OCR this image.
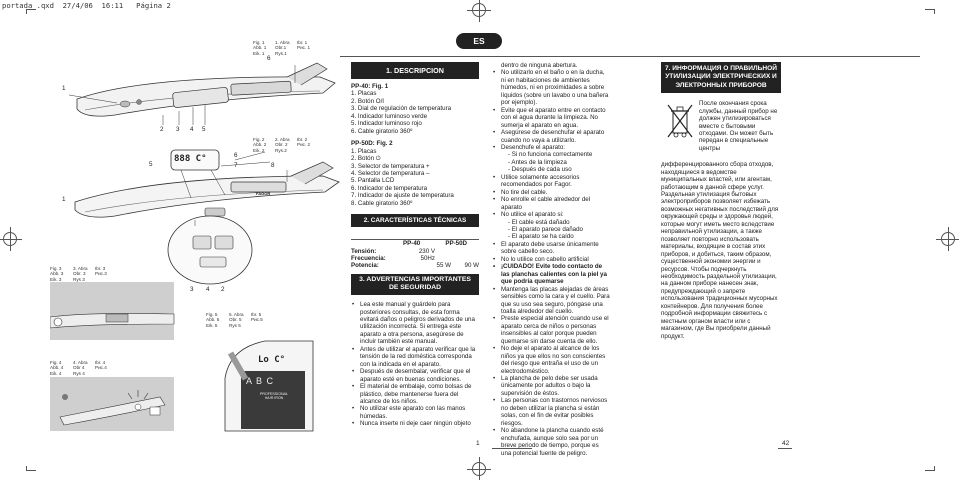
portada .qxd 27/4/06 16:11 Página 2
Fig. 1
Abb. 1
Eik. 1
1. Abra
Obr.1
Rys.1
Ibr. 1
Pиc. 1
1
6
2 3 4 5
Fig. 2
Abb. 2
Eik. 2
2. Abra
Obr. 2
Rys.2
Ibr. 2
Pиc. 2
888 C°
FAGOR
1
5
6
7	8
3 4 2
Fig. 3
Abb. 3
Eik. 3
3. Abra
Obr. 3
Rys 3
Ibr. 3
Pиc.3
Fig. 4
Abb. 4
Eik. 4
4. Abra
Obr 4
Rys 4
Ibr. 4
Pиc.4
Fig. 5
Abb. 5
Eik. 5
5. Abra
Obr. 5
Rys 5
Ibr. 5
Pиc.5
Lo C°
A B C
PROFESSIONAL
HAIR IRON
ES
1. DESCRIPCION
PP-40: Fig. 1
1. Placas
2. Botón O/I
3. Dial de regulación de temperatura
4. Indicador luminoso verde
5. Indicador luminoso rojo
6. Cable giratorio 360º
PP-50D: Fig. 2
1. Placas
2. Botón ⏻
3. Selector de temperatura +
4. Selector de temperatura –
5. Pantalla LCD
6. Indicador de temperatura
7. Indicador de ajuste de temperatura
8. Cable giratorio 360º
2. CARACTERÍSTICAS TÉCNICAS
PP-40	PP-50D
Tensión:	230 V
Frecuencia:	50Hz
Potencia:	55 W	90 W
3. ADVERTENCIAS IMPORTANTES DE SEGURIDAD
• Lea este manual y guárdelo para posteriores consultas, de esta forma evitará daños o peligros derivados de una utilización incorrecta. Si entrega este aparato a otra persona, asegúrese de incluir también este manual.
• Antes de utilizar el aparato verificar que la tensión de la red doméstica corresponda con la indicada en el aparato.
• Después de desembalar, verificar que el aparato esté en buenas condiciones.
• El material de embalaje, como bolsas de plástico, debe mantenerse fuera del alcance de los niños.
• No utilizar este aparato con las manos húmedas.
• Nunca inserte ni deje caer ningún objeto
dentro de ninguna abertura.
• No utilizarlo en el baño o en la ducha, ni en habitaciones de ambientes húmedos, ni en proximidades a sobre líquidos (sobre un lavabo o una bañera por ejemplo).
• Evite que el aparato entre en contacto con el agua durante la limpieza. No sumerja el aparato en agua.
• Asegúrese de desenchufar el aparato cuando no vaya a utilizarlo.
• Desenchufe el aparato:
- Si no funciona correctamente
- Antes de la limpieza
- Después de cada uso
• Utilice solamente accesorios recomendados por Fagor.
• No tire del cable.
• No enrolle el cable alrededor del aparato
• No utilice el aparato si:
- El cable está dañado
- El aparato parece dañado
- El aparato se ha caído
• El aparato debe usarse únicamente sobre cabello seco.
• No lo utilice con cabello artificial
• ¡CUIDADO! Evite todo contacto de las planchas calientes con la piel ya que podría quemarse
• Mantenga las placas alejadas de áreas sensibles como la cara y el cuello. Para que su uso sea seguro, póngase una toalla alrededor del cuello.
• Preste especial atención cuando use el aparato cerca de niños o personas insensibles al calor porque pueden quemarse sin darse cuenta de ello.
• No deje el aparato al alcance de los niños ya que ellos no son conscientes del riesgo que entraña el uso de un electrodoméstico.
• La plancha de pelo debe ser usada únicamente por adultos o bajo la supervisión de éstos.
• Las personas con trastornos nerviosos no deben utilizar la plancha si están solas, con el fin de evitar posibles riesgos.
• No abandone la plancha cuando esté enchufada, aunque solo sea por un breve periodo de tiempo, porque es una potencial fuente de peligro.
1
7. ИНФОРМАЦИЯ О ПРАВИЛЬНОЙ УТИЛИЗАЦИИ ЭЛЕКТРИЧЕСКИХ И ЭЛЕКТРОННЫХ ПРИБОРОВ
После окончания срока
службы, данный прибор не
должен утилизироваться
вместе с бытовыми
отходами. Он может быть
передан в специальные
центры
дифференцированного сбора отходов, находящиеся в ведомстве муниципальных властей, или агентам, работающим в данной сфере услуг. Раздельная утилизация бытовых электроприборов позволяет избежать возможных негативных последствий для окружающей среды и здоровья людей, которые могут иметь место вследствие неправильной утилизации, а также позволяет повторно использовать материалы, входящие в состав этих приборов, и добиться, таким образом, существенной экономии энергии и ресурсов. Чтобы подчеркнуть необходимость раздельной утилизации, на данном приборе нанесен знак, предупреждающий о запрете использования традиционных мусорных контейнеров. Для получения более подробной информации свяжитесь с местным органом власти или с магазином, где Вы приобрели данный продукт.
42
